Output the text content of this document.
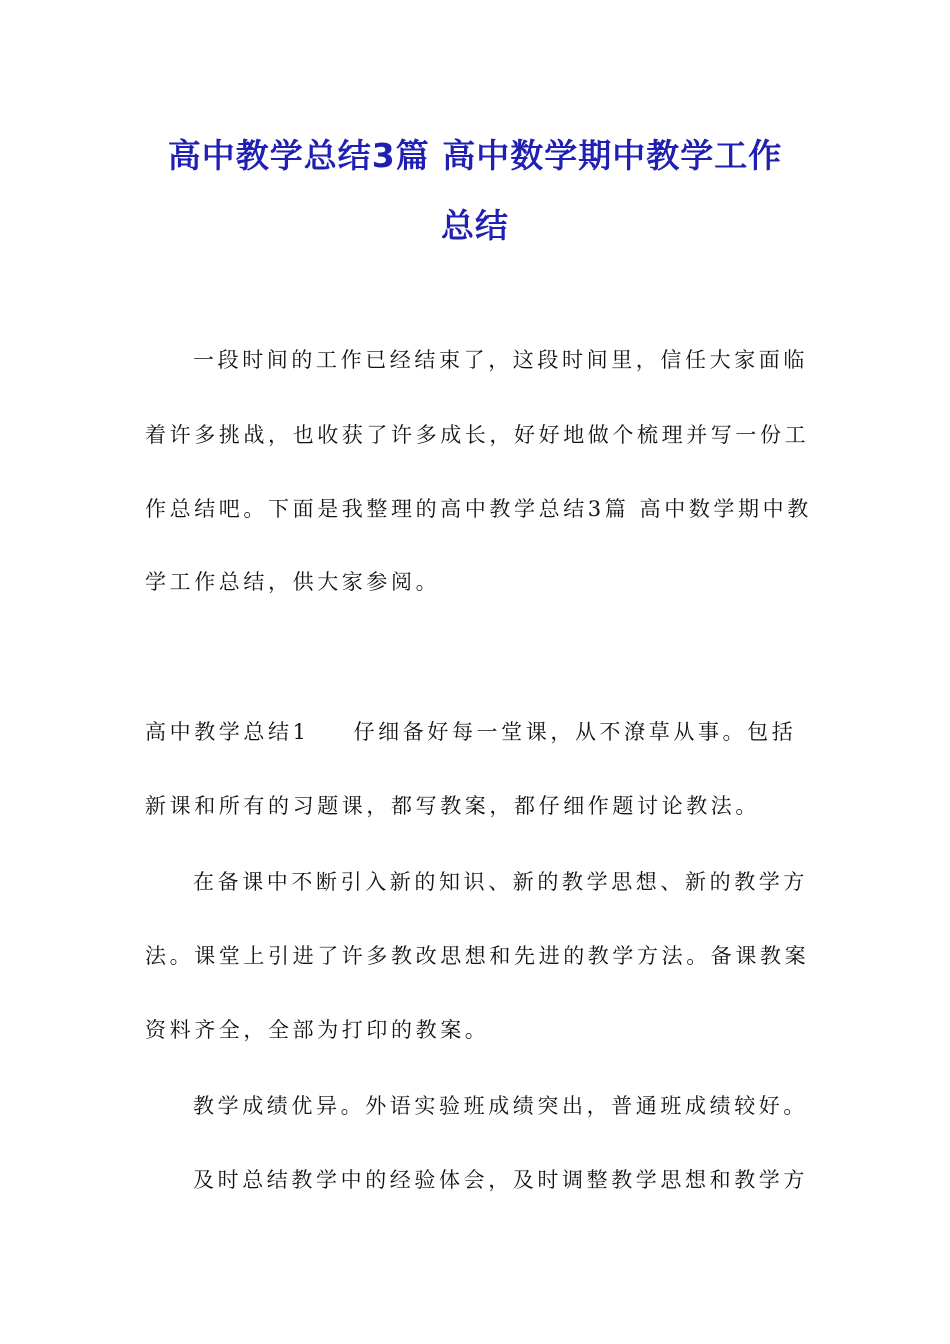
高中教学总结3篇 高中数学期中教学工作
总结

一段时间的工作已经结束了，这段时间里，信任大家面临

着许多挑战，也收获了许多成长，好好地做个梳理并写一份工

作总结吧。下面是我整理的高中教学总结3篇 高中数学期中教

学工作总结，供大家参阅。

高中教学总结1 仔细备好每一堂课，从不潦草从事。包括

新课和所有的习题课，都写教案，都仔细作题讨论教法。

在备课中不断引入新的知识、新的教学思想、新的教学方

法。课堂上引进了许多教改思想和先进的教学方法。备课教案

资料齐全，全部为打印的教案。

教学成绩优异。外语实验班成绩突出，普通班成绩较好。

及时总结教学中的经验体会，及时调整教学思想和教学方
